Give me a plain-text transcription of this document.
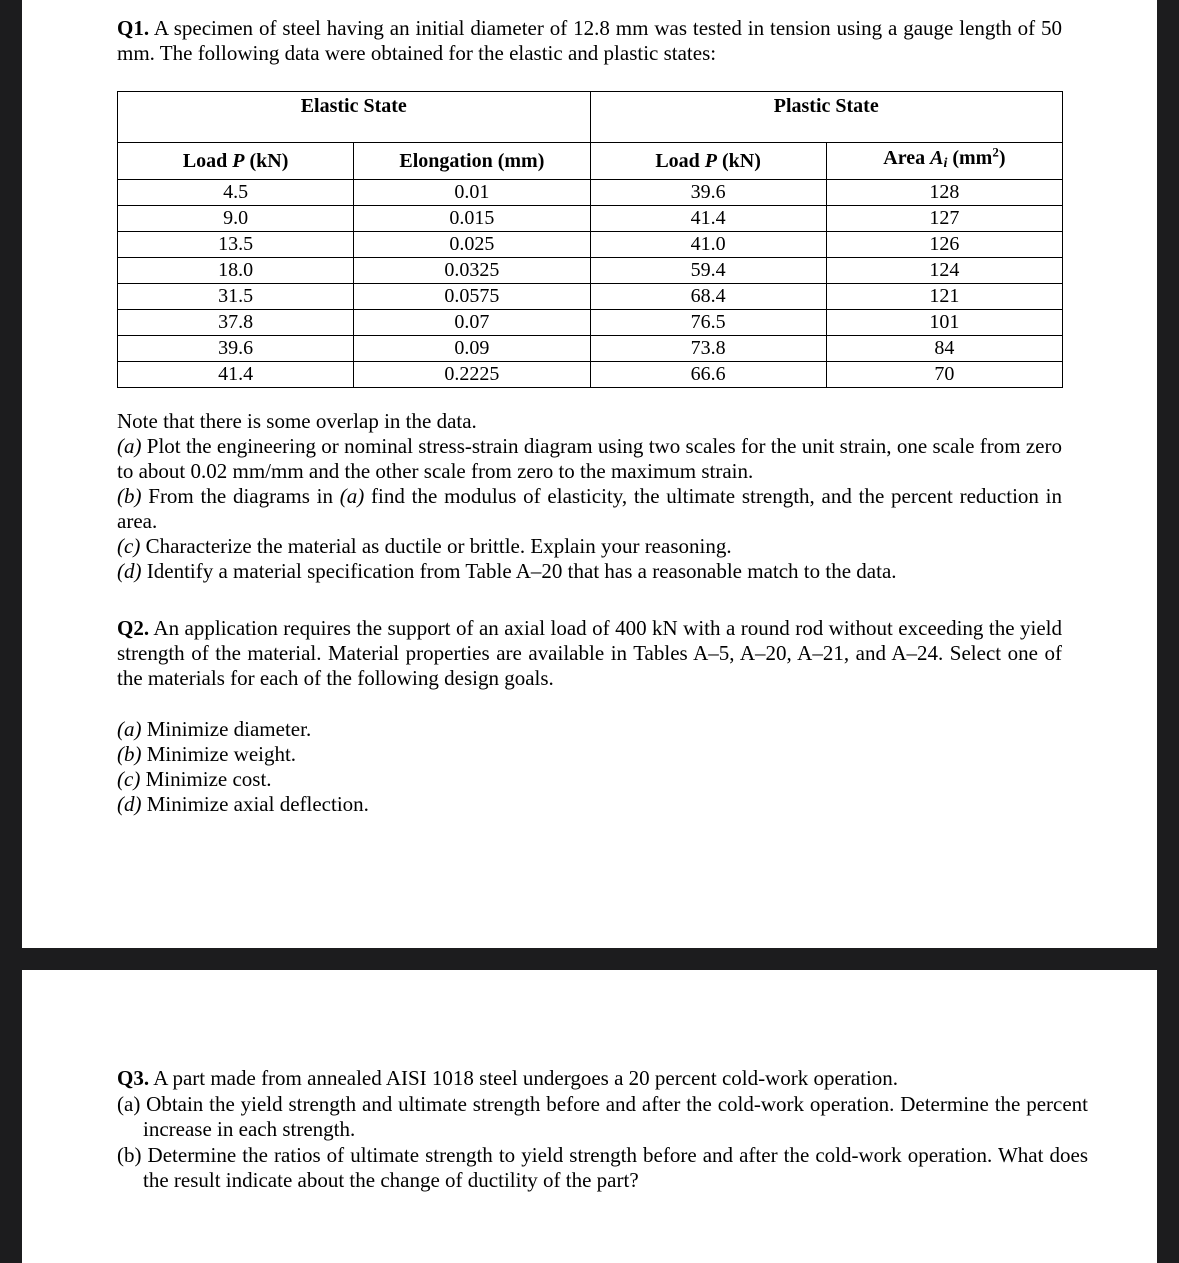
Q1. A specimen of steel having an initial diameter of 12.8 mm was tested in tension using a gauge length of 50 mm. The following data were obtained for the elastic and plastic states:
Elastic State		Plastic State	
Load P (kN)	Elongation (mm)	Load P (kN)	Area Ai $(mm^2)$
4.5	0.01	39.6	128
9.0	0.015	41.4	127
13.5	0.025	41.0	126
18.0	0.0325	59.4	124
31.5	0.0575	68.4	121
37.8	0.07	76.5	101
39.6	0.09	73.8	84
41.4	0.2225	66.6	70
Note that there is some overlap in the data.
(a) Plot the engineering or nominal stress-strain diagram using two scales for the unit strain, one scale from zero to about 0.02 mm/mm and the other scale from zero to the maximum strain.
(b) From the diagrams in (a) find the modulus of elasticity, the ultimate strength, and the percent reduction in area.
(c) Characterize the material as ductile or brittle. Explain your reasoning.
(d) Identify a material specification from Table A–20 that has a reasonable match to the data.
Q2. An application requires the support of an axial load of 400 kN with a round rod without exceeding the yield strength of the material. Material properties are available in Tables A–5, A–20, A–21, and A–24. Select one of the materials for each of the following design goals.
(a) Minimize diameter.
(b) Minimize weight.
(c) Minimize cost.
(d) Minimize axial deflection.
Q3. A part made from annealed AISI 1018 steel undergoes a 20 percent cold-work operation.
(a) Obtain the yield strength and ultimate strength before and after the cold-work operation. Determine the percent increase in each strength.
(b) Determine the ratios of ultimate strength to yield strength before and after the cold-work operation. What does the result indicate about the change of ductility of the part?
